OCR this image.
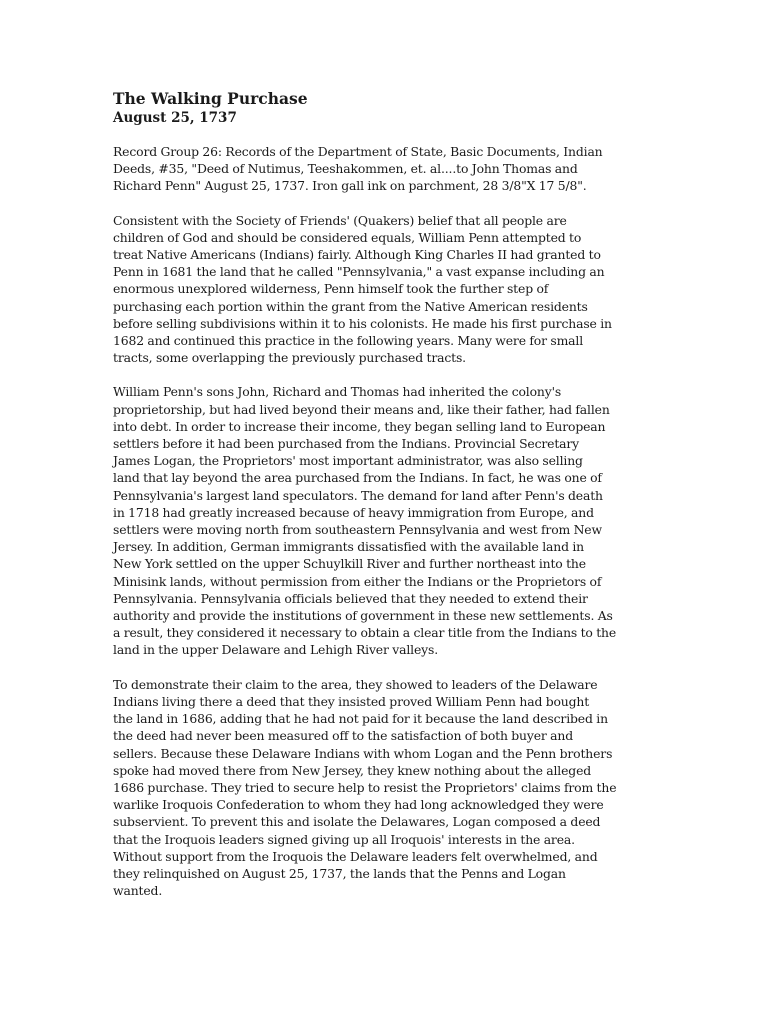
The Walking Purchase
August 25, 1737

Record Group 26: Records of the Department of State, Basic Documents, Indian
Deeds, #35, "Deed of Nutimus, Teeshakommen, et. al....to John Thomas and
Richard Penn" August 25, 1737. Iron gall ink on parchment, 28 3/8"X 17 5/8".

Consistent with the Society of Friends' (Quakers) belief that all people are
children of God and should be considered equals, William Penn attempted to
treat Native Americans (Indians) fairly. Although King Charles II had granted to
Penn in 1681 the land that he called "Pennsylvania," a vast expanse including an
enormous unexplored wilderness, Penn himself took the further step of
purchasing each portion within the grant from the Native American residents
before selling subdivisions within it to his colonists. He made his first purchase in
1682 and continued this practice in the following years. Many were for small
tracts, some overlapping the previously purchased tracts.

William Penn's sons John, Richard and Thomas had inherited the colony's
proprietorship, but had lived beyond their means and, like their father, had fallen
into debt. In order to increase their income, they began selling land to European
settlers before it had been purchased from the Indians. Provincial Secretary
James Logan, the Proprietors' most important administrator, was also selling
land that lay beyond the area purchased from the Indians. In fact, he was one of
Pennsylvania's largest land speculators. The demand for land after Penn's death
in 1718 had greatly increased because of heavy immigration from Europe, and
settlers were moving north from southeastern Pennsylvania and west from New
Jersey. In addition, German immigrants dissatisfied with the available land in
New York settled on the upper Schuylkill River and further northeast into the
Minisink lands, without permission from either the Indians or the Proprietors of
Pennsylvania. Pennsylvania officials believed that they needed to extend their
authority and provide the institutions of government in these new settlements. As
a result, they considered it necessary to obtain a clear title from the Indians to the
land in the upper Delaware and Lehigh River valleys.

To demonstrate their claim to the area, they showed to leaders of the Delaware
Indians living there a deed that they insisted proved William Penn had bought
the land in 1686, adding that he had not paid for it because the land described in
the deed had never been measured off to the satisfaction of both buyer and
sellers. Because these Delaware Indians with whom Logan and the Penn brothers
spoke had moved there from New Jersey, they knew nothing about the alleged
1686 purchase. They tried to secure help to resist the Proprietors' claims from the
warlike Iroquois Confederation to whom they had long acknowledged they were
subservient. To prevent this and isolate the Delawares, Logan composed a deed
that the Iroquois leaders signed giving up all Iroquois' interests in the area.
Without support from the Iroquois the Delaware leaders felt overwhelmed, and
they relinquished on August 25, 1737, the lands that the Penns and Logan
wanted.
